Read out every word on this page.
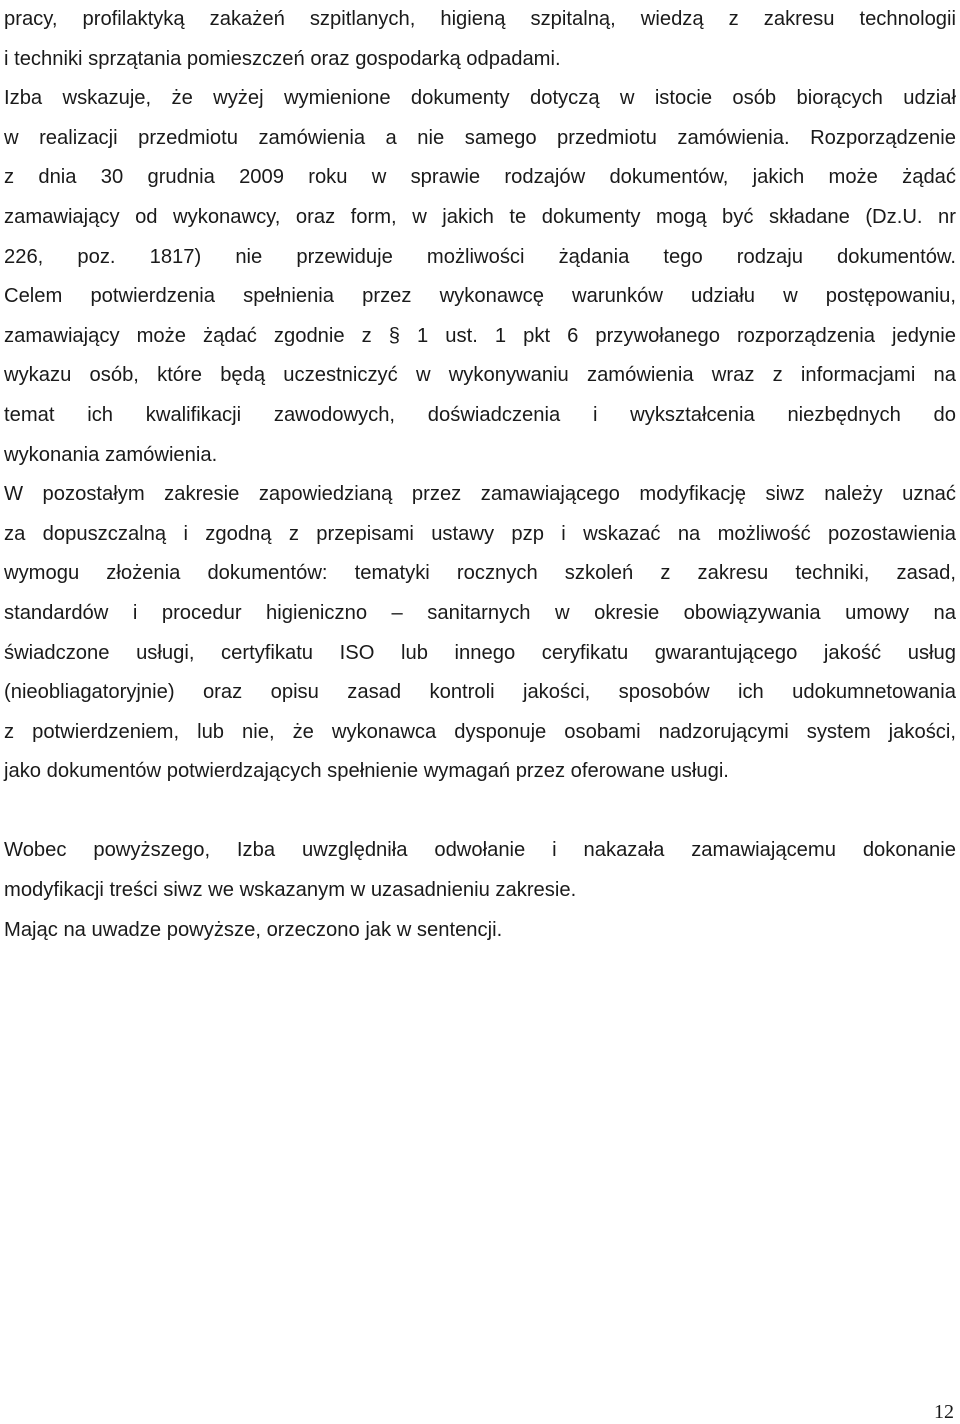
pracy, profilaktyką zakażeń szpitlanych, higieną szpitalną, wiedzą z zakresu technologii
i techniki sprzątania pomieszczeń oraz gospodarką odpadami.
Izba wskazuje, że wyżej wymienione dokumenty dotyczą w istocie osób biorących udział
w realizacji przedmiotu zamówienia a nie samego przedmiotu zamówienia. Rozporządzenie
z dnia 30 grudnia 2009 roku w sprawie rodzajów dokumentów, jakich może żądać
zamawiający od wykonawcy, oraz form, w jakich te dokumenty mogą być składane (Dz.U. nr
226, poz. 1817) nie przewiduje możliwości żądania tego rodzaju dokumentów.
Celem potwierdzenia spełnienia przez wykonawcę warunków udziału w postępowaniu,
zamawiający może żądać zgodnie z § 1 ust. 1 pkt 6 przywołanego rozporządzenia jedynie
wykazu osób, które będą uczestniczyć w wykonywaniu zamówienia wraz z informacjami na
temat ich kwalifikacji zawodowych, doświadczenia i wykształcenia niezbędnych do
wykonania zamówienia.
W pozostałym zakresie zapowiedzianą przez zamawiającego modyfikację siwz należy uznać
za dopuszczalną i zgodną z przepisami ustawy pzp i wskazać na możliwość pozostawienia
wymogu złożenia dokumentów: tematyki rocznych szkoleń z zakresu techniki, zasad,
standardów i procedur higieniczno – sanitarnych w okresie obowiązywania umowy na
świadczone usługi, certyfikatu ISO lub innego ceryfikatu gwarantującego jakość usług
(nieobliagatoryjnie) oraz opisu zasad kontroli jakości, sposobów ich udokumnetowania
z potwierdzeniem, lub nie, że wykonawca dysponuje osobami nadzorującymi system jakości,
jako dokumentów potwierdzających spełnienie wymagań przez oferowane usługi.
Wobec powyższego, Izba uwzględniła odwołanie i nakazała zamawiającemu dokonanie
modyfikacji treści siwz we wskazanym w uzasadnieniu zakresie.
Mając na uwadze powyższe, orzeczono jak w sentencji.
12
